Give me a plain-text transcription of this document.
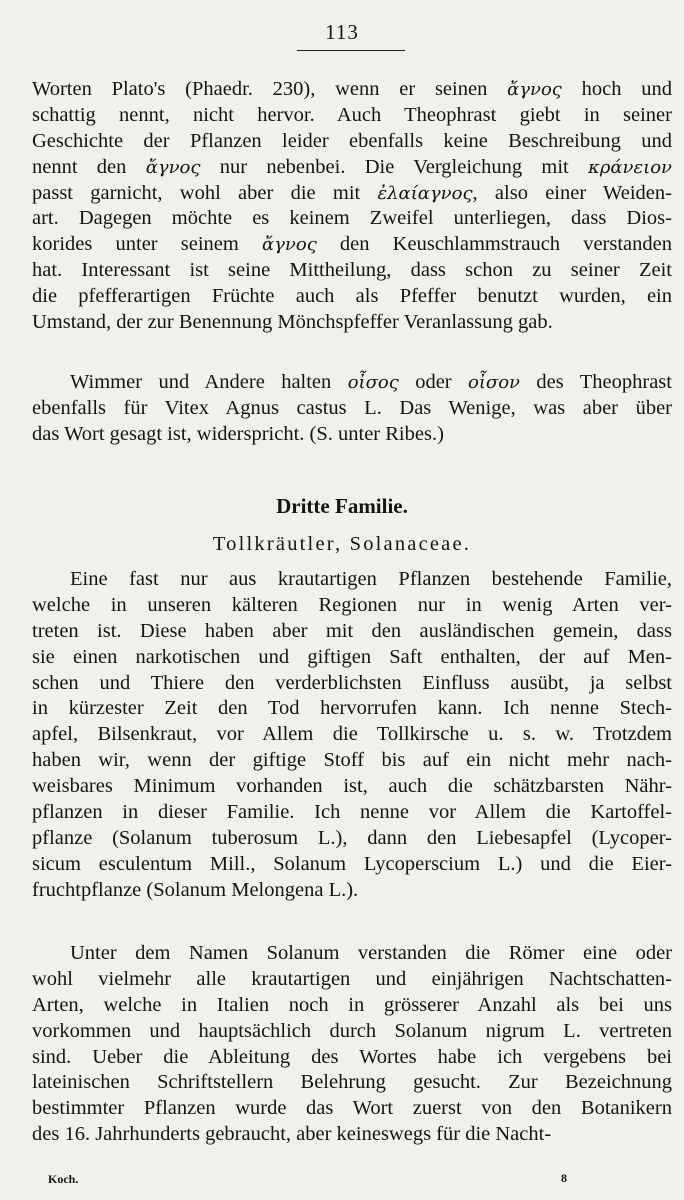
113
Worten Plato's (Phaedr. 230), wenn er seinen ἄγνος hoch und
schattig nennt, nicht hervor. Auch Theophrast giebt in seiner
Geschichte der Pflanzen leider ebenfalls keine Beschreibung und
nennt den ἄγνος nur nebenbei. Die Vergleichung mit κράνειον
passt garnicht, wohl aber die mit ἐλαίαγνος, also einer Weiden-
art. Dagegen möchte es keinem Zweifel unterliegen, dass Dios-
korides unter seinem ἄγνος den Keuschlammstrauch verstanden
hat. Interessant ist seine Mittheilung, dass schon zu seiner Zeit
die pfefferartigen Früchte auch als Pfeffer benutzt wurden, ein
Umstand, der zur Benennung Mönchspfeffer Veranlassung gab.
Wimmer und Andere halten οἶσος oder οἶσον des Theophrast
ebenfalls für Vitex Agnus castus L. Das Wenige, was aber über
das Wort gesagt ist, widerspricht. (S. unter Ribes.)
Dritte Familie.
Tollkräutler, Solanaceae.
Eine fast nur aus krautartigen Pflanzen bestehende Familie,
welche in unseren kälteren Regionen nur in wenig Arten ver-
treten ist. Diese haben aber mit den ausländischen gemein, dass
sie einen narkotischen und giftigen Saft enthalten, der auf Men-
schen und Thiere den verderblichsten Einfluss ausübt, ja selbst
in kürzester Zeit den Tod hervorrufen kann. Ich nenne Stech-
apfel, Bilsenkraut, vor Allem die Tollkirsche u. s. w. Trotzdem
haben wir, wenn der giftige Stoff bis auf ein nicht mehr nach-
weisbares Minimum vorhanden ist, auch die schätzbarsten Nähr-
pflanzen in dieser Familie. Ich nenne vor Allem die Kartoffel-
pflanze (Solanum tuberosum L.), dann den Liebesapfel (Lycoper-
sicum esculentum Mill., Solanum Lycoperscium L.) und die Eier-
fruchtpflanze (Solanum Melongena L.).
Unter dem Namen Solanum verstanden die Römer eine oder
wohl vielmehr alle krautartigen und einjährigen Nachtschatten-
Arten, welche in Italien noch in grösserer Anzahl als bei uns
vorkommen und hauptsächlich durch Solanum nigrum L. vertreten
sind. Ueber die Ableitung des Wortes habe ich vergebens bei
lateinischen Schriftstellern Belehrung gesucht. Zur Bezeichnung
bestimmter Pflanzen wurde das Wort zuerst von den Botanikern
des 16. Jahrhunderts gebraucht, aber keineswegs für die Nacht-
Koch.	8
